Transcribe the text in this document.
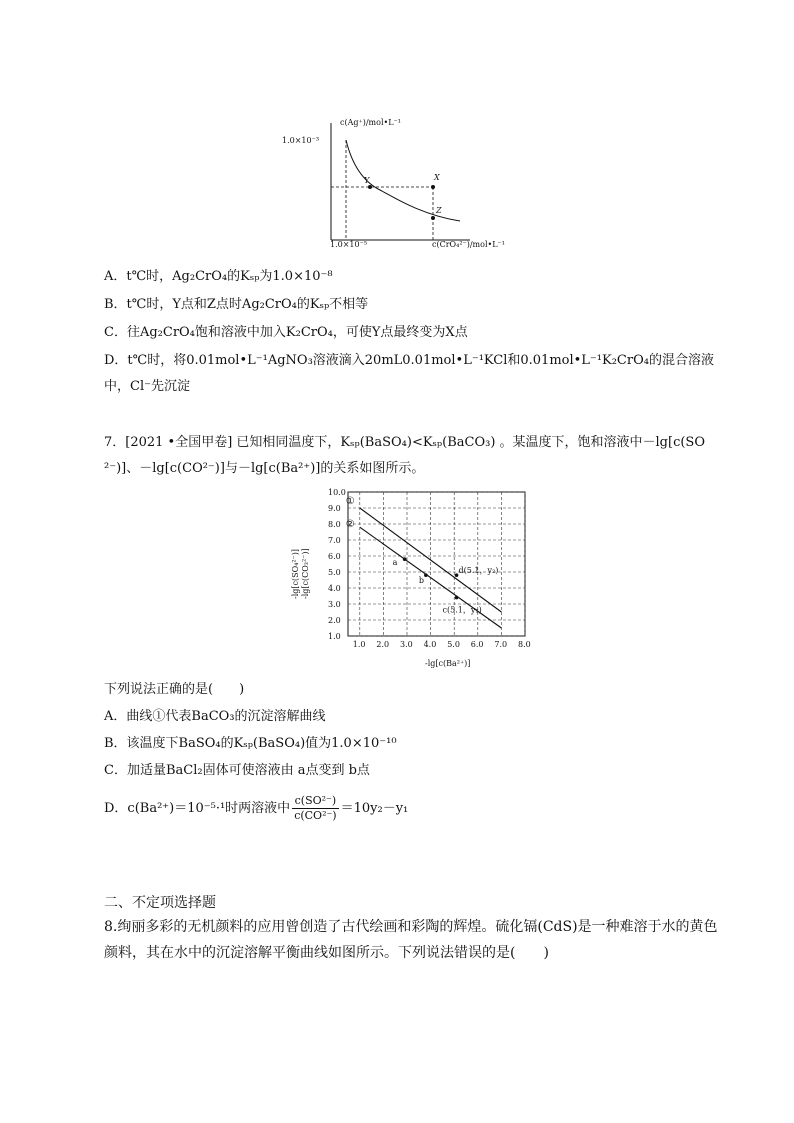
c(Ag⁺)/mol•L⁻¹
1.0×10⁻³
1.0×10⁻⁵	c(CrO₄²⁻)/mol•L⁻¹
Y	X
Z
A．t℃时，Ag₂CrO₄的Kₛₚ为1.0×10⁻⁸
B．t℃时，Y点和Z点时Ag₂CrO₄的Kₛₚ不相等
C．往Ag₂CrO₄饱和溶液中加入K₂CrO₄，可使Y点最终变为X点
D．t℃时，将0.01mol•L⁻¹AgNO₃溶液滴入20mL0.01mol•L⁻¹KCl和0.01mol•L⁻¹K₂CrO₄的混合溶液
中，Cl⁻先沉淀
7．[2021 •全国甲卷] 已知相同温度下，Kₛₚ(BaSO₄)<Kₛₚ(BaCO₃) 。某温度下，饱和溶液中－lg[c(SO
²⁻)]、－lg[c(CO²⁻)]与－lg[c(Ba²⁺)]的关系如图所示。
1.0 2.0 3.0 4.0 5.0 6.0 7.0 8.0
1.0
2.0
3.0
4.0
5.0
6.0
7.0
8.0
9.0
10.0
①
②
a
b
d(5.1，y₂)
c(5.1，y₁)
-lg[c(SO₄²⁻)] -lg[c(CO₃²⁻)]
-lg[c(Ba²⁺)]
下列说法正确的是(　　)
A．曲线①代表BaCO₃的沉淀溶解曲线
B．该温度下BaSO₄的Kₛₚ(BaSO₄)值为1.0×10⁻¹⁰
C．加适量BaCl₂固体可使溶液由 a点变到 b点
D．c(Ba²⁺)＝10⁻⁵·¹时两溶液中 $\frac{\text{c(SO²⁻)}}{\text{c(CO²⁻)}} =10y_2-y_1$
二、不定项选择题
8.绚丽多彩的无机颜料的应用曾创造了古代绘画和彩陶的辉煌。硫化镉(CdS)是一种难溶于水的黄色
颜料，其在水中的沉淀溶解平衡曲线如图所示。下列说法错误的是(　　)
